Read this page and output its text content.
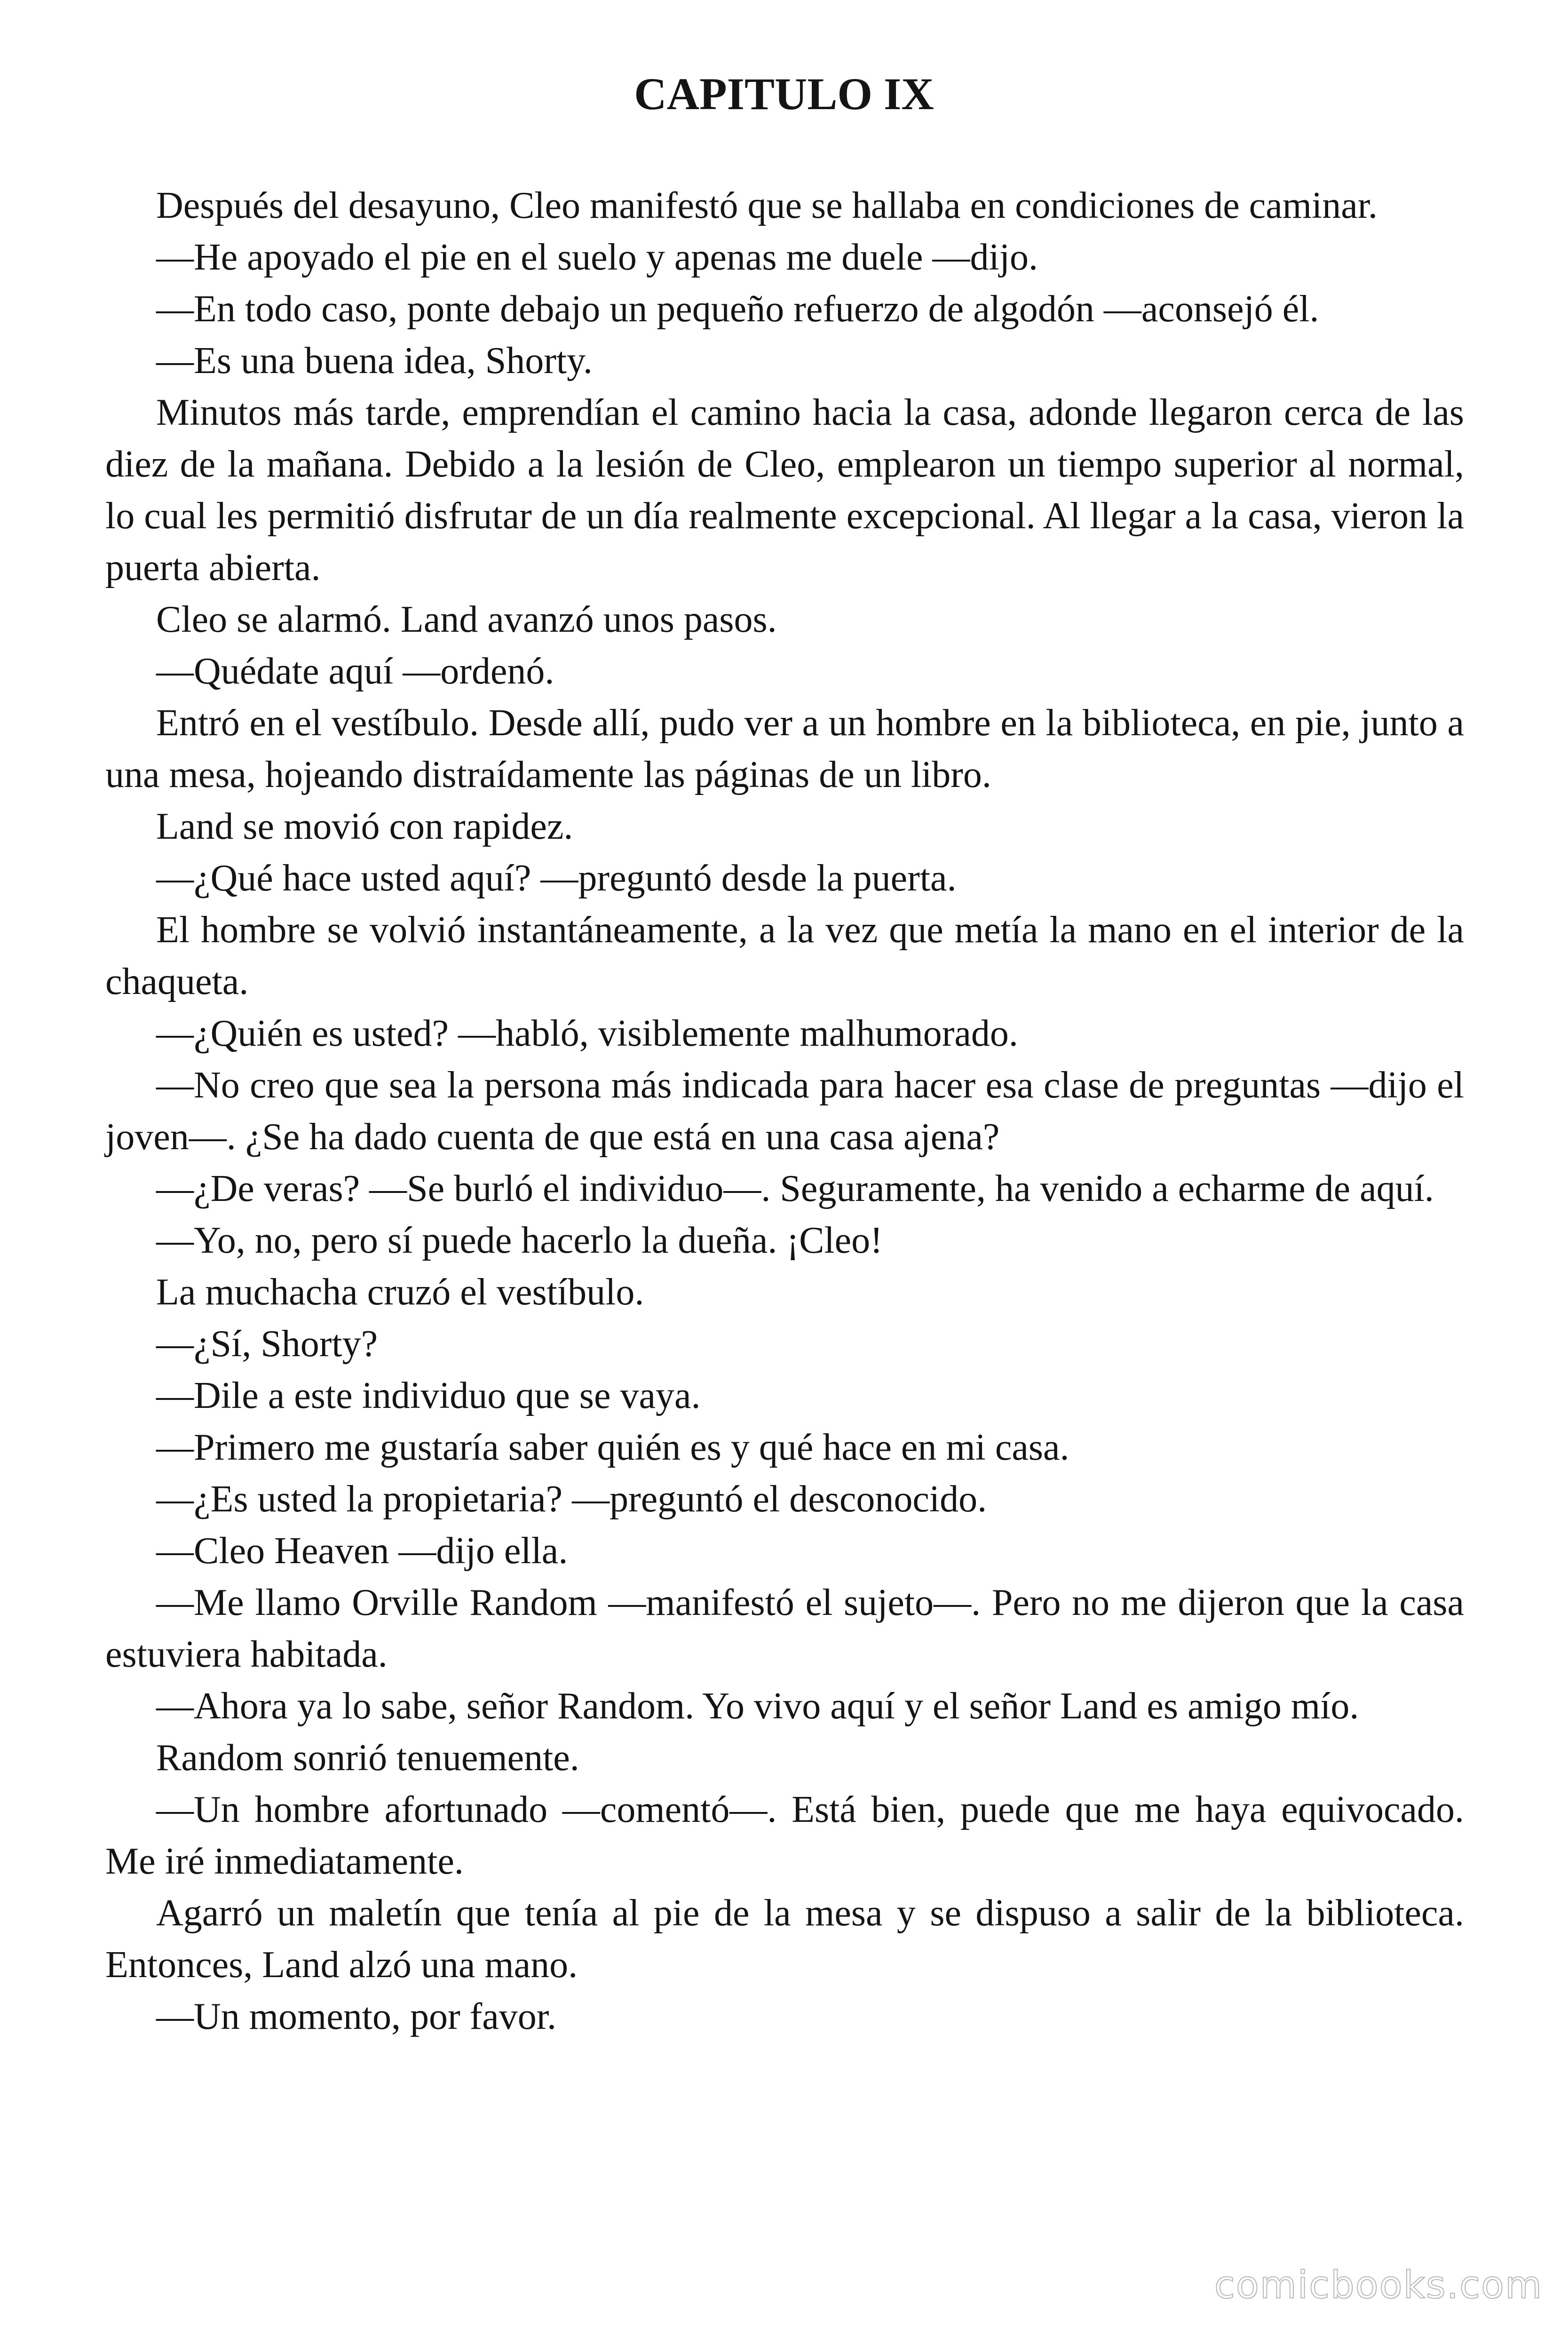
CAPITULO IX

Después del desayuno, Cleo manifestó que se hallaba en condiciones de caminar.

—He apoyado el pie en el suelo y apenas me duele —dijo.

—En todo caso, ponte debajo un pequeño refuerzo de algodón —aconsejó él.

—Es una buena idea, Shorty.

Minutos más tarde, emprendían el camino hacia la casa, adonde llegaron cerca de las diez de la mañana. Debido a la lesión de Cleo, emplearon un tiempo superior al normal, lo cual les permitió disfrutar de un día realmente excepcional. Al llegar a la casa, vieron la puerta abierta.

Cleo se alarmó. Land avanzó unos pasos.

—Quédate aquí —ordenó.

Entró en el vestíbulo. Desde allí, pudo ver a un hombre en la biblioteca, en pie, junto a una mesa, hojeando distraídamente las páginas de un libro.

Land se movió con rapidez.

—¿Qué hace usted aquí? —preguntó desde la puerta.

El hombre se volvió instantáneamente, a la vez que metía la mano en el interior de la chaqueta.

—¿Quién es usted? —habló, visiblemente malhumorado.

—No creo que sea la persona más indicada para hacer esa clase de preguntas —dijo el joven—. ¿Se ha dado cuenta de que está en una casa ajena?

—¿De veras? —Se burló el individuo—. Seguramente, ha venido a echarme de aquí.

—Yo, no, pero sí puede hacerlo la dueña. ¡Cleo!

La muchacha cruzó el vestíbulo.

—¿Sí, Shorty?

—Dile a este individuo que se vaya.

—Primero me gustaría saber quién es y qué hace en mi casa.

—¿Es usted la propietaria? —preguntó el desconocido.

—Cleo Heaven —dijo ella.

—Me llamo Orville Random —manifestó el sujeto—. Pero no me dijeron que la casa estuviera habitada.

—Ahora ya lo sabe, señor Random. Yo vivo aquí y el señor Land es amigo mío.

Random sonrió tenuemente.

—Un hombre afortunado —comentó—. Está bien, puede que me haya equivocado. Me iré inmediatamente.

Agarró un maletín que tenía al pie de la mesa y se dispuso a salir de la biblioteca. Entonces, Land alzó una mano.

—Un momento, por favor.

comicbooks.com
